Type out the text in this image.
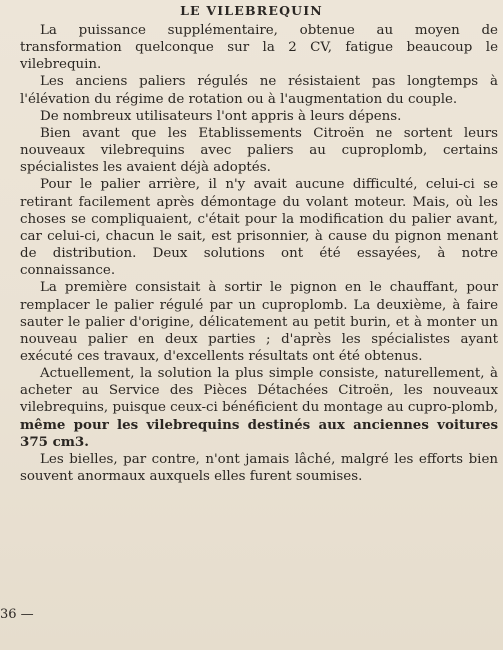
LE VILEBREQUIN

La puissance supplémentaire, obtenue au moyen de transformation quelconque sur la 2 CV, fatigue beaucoup le vilebrequin.

Les anciens paliers régulés ne résistaient pas longtemps à l'élévation du régime de rotation ou à l'augmentation du couple.

De nombreux utilisateurs l'ont appris à leurs dépens.

Bien avant que les Etablissements Citroën ne sortent leurs nouveaux vilebrequins avec paliers au cuproplomb, certains spécialistes les avaient déjà adoptés.

Pour le palier arrière, il n'y avait aucune difficulté, celui-ci se retirant facilement après démontage du volant moteur. Mais, où les choses se compliquaient, c'était pour la modification du palier avant, car celui-ci, chacun le sait, est prisonnier, à cause du pignon menant de distribution. Deux solutions ont été essayées, à notre connaissance.

La première consistait à sortir le pignon en le chauffant, pour remplacer le palier régulé par un cuproplomb. La deuxième, à faire sauter le palier d'origine, délicatement au petit burin, et à monter un nouveau palier en deux parties ; d'après les spécialistes ayant exécuté ces travaux, d'excellents résultats ont été obtenus.

Actuellement, la solution la plus simple consiste, naturellement, à acheter au Service des Pièces Détachées Citroën, les nouveaux vilebrequins, puisque ceux-ci bénéficient du montage au cupro-plomb, même pour les vilebrequins destinés aux anciennes voitures 375 cm3.

Les bielles, par contre, n'ont jamais lâché, malgré les efforts bien souvent anormaux auxquels elles furent soumises.

36 —
